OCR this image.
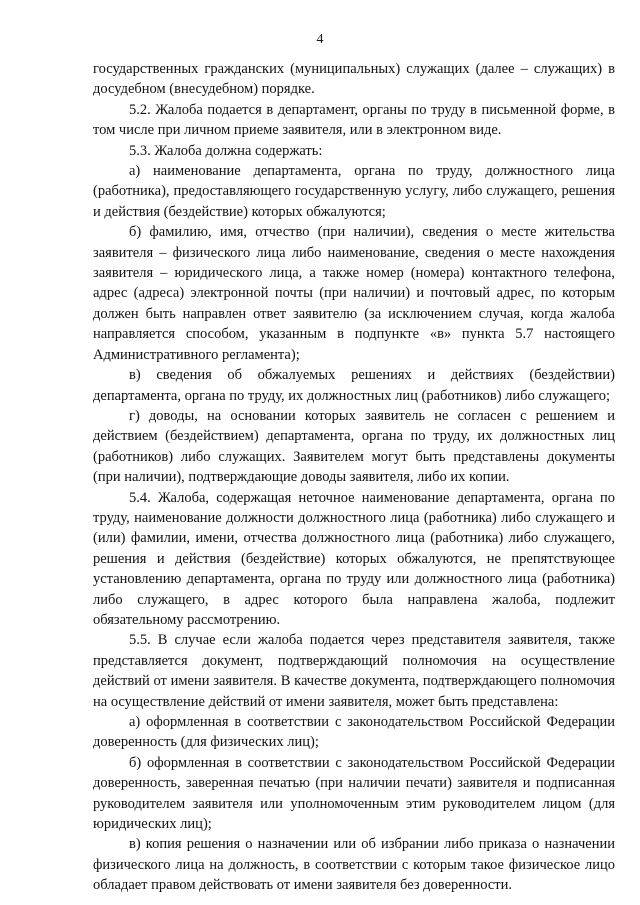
4

государственных гражданских (муниципальных) служащих (далее – служащих) в досудебном (внесудебном) порядке.

5.2. Жалоба подается в департамент, органы по труду в письменной форме, в том числе при личном приеме заявителя, или в электронном виде.

5.3. Жалоба должна содержать:

а) наименование департамента, органа по труду, должностного лица (работника), предоставляющего государственную услугу, либо служащего, решения и действия (бездействие) которых обжалуются;

б) фамилию, имя, отчество (при наличии), сведения о месте жительства заявителя – физического лица либо наименование, сведения о месте нахождения заявителя – юридического лица, а также номер (номера) контактного телефона, адрес (адреса) электронной почты (при наличии) и почтовый адрес, по которым должен быть направлен ответ заявителю (за исключением случая, когда жалоба направляется способом, указанным в подпункте «в» пункта 5.7 настоящего Административного регламента);

в) сведения об обжалуемых решениях и действиях (бездействии) департамента, органа по труду, их должностных лиц (работников) либо служащего;

г) доводы, на основании которых заявитель не согласен с решением и действием (бездействием) департамента, органа по труду, их должностных лиц (работников) либо служащих. Заявителем могут быть представлены документы (при наличии), подтверждающие доводы заявителя, либо их копии.

5.4. Жалоба, содержащая неточное наименование департамента, органа по труду, наименование должности должностного лица (работника) либо служащего и (или) фамилии, имени, отчества должностного лица (работника) либо служащего, решения и действия (бездействие) которых обжалуются, не препятствующее установлению департамента, органа по труду или должностного лица (работника) либо служащего, в адрес которого была направлена жалоба, подлежит обязательному рассмотрению.

5.5. В случае если жалоба подается через представителя заявителя, также представляется документ, подтверждающий полномочия на осуществление действий от имени заявителя. В качестве документа, подтверждающего полномочия на осуществление действий от имени заявителя, может быть представлена:

а) оформленная в соответствии с законодательством Российской Федерации доверенность (для физических лиц);

б) оформленная в соответствии с законодательством Российской Федерации доверенность, заверенная печатью (при наличии печати) заявителя и подписанная руководителем заявителя или уполномоченным этим руководителем лицом (для юридических лиц);

в) копия решения о назначении или об избрании либо приказа о назначении физического лица на должность, в соответствии с которым такое физическое лицо обладает правом действовать от имени заявителя без доверенности.
